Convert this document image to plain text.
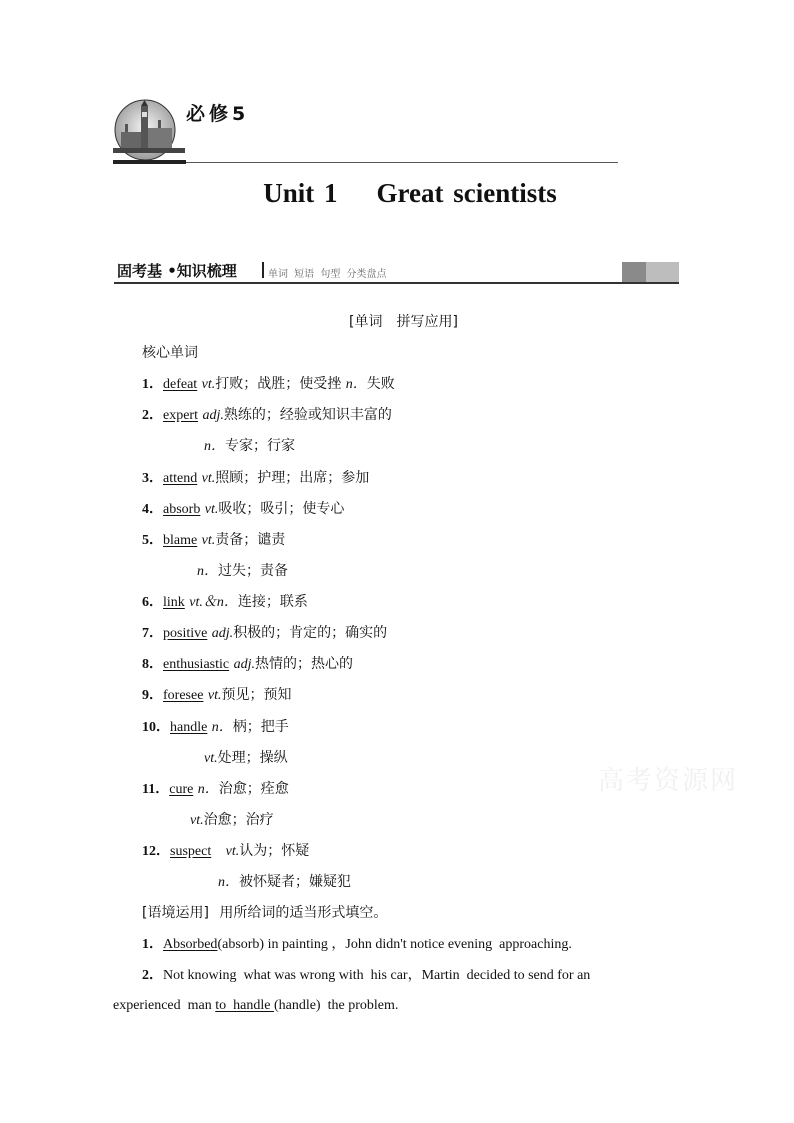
必修5
Unit 1    Great scientists
固考基 •知识梳理	单词 短语 句型 分类盘点
[单词　拼写应用]
核心单词
1．defeat vt.打败；战胜；使受挫 n．失败
2．expert adj.熟练的；经验或知识丰富的
n．专家；行家
3．attend vt.照顾；护理；出席；参加
4．absorb vt.吸收；吸引；使专心
5．blame vt.责备；谴责
n．过失；责备
6．link vt.＆n．连接；联系
7．positive adj.积极的；肯定的；确实的
8．enthusiastic adj.热情的；热心的
9．foresee vt.预见；预知
10．handle n．柄；把手
vt.处理；操纵
11．cure n．治愈；痊愈
vt.治愈；治疗
12．suspect vt.认为；怀疑
n．被怀疑者；嫌疑犯
[语境运用] 用所给词的适当形式填空。
1．Absorbed(absorb) in painting ，John didn't notice evening  approaching.
2．Not knowing  what was wrong with  his car，Martin  decided to send for an
experienced  man to  handle (handle)  the problem.
高考资源网
